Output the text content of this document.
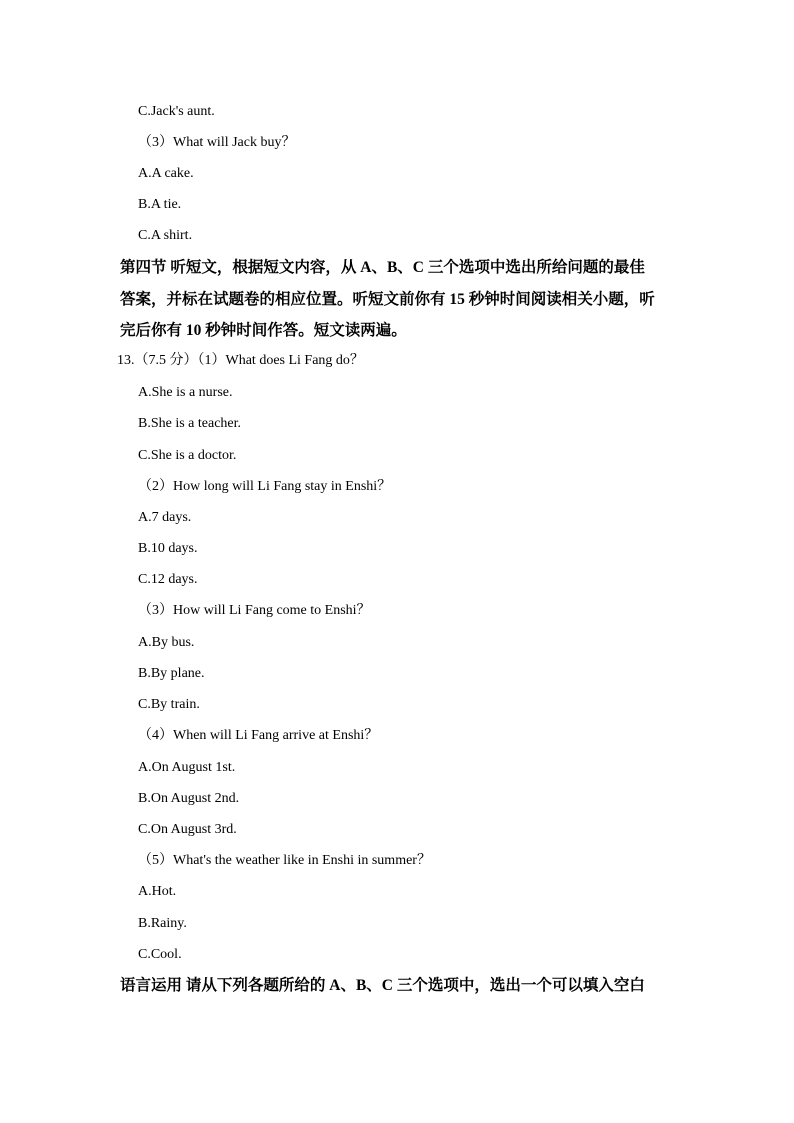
C.Jack's aunt.
（3）What will Jack buy？
A.A cake.
B.A tie.
C.A shirt.
第四节 听短文，根据短文内容，从 A、B、C 三个选项中选出所给问题的最佳
答案，并标在试题卷的相应位置。听短文前你有 15 秒钟时间阅读相关小题，听
完后你有 10 秒钟时间作答。短文读两遍。
13.（7.5 分）（1）What does Li Fang do？
A.She is a nurse.
B.She is a teacher.
C.She is a doctor.
（2）How long will Li Fang stay in Enshi？
A.7 days.
B.10 days.
C.12 days.
（3）How will Li Fang come to Enshi？
A.By bus.
B.By plane.
C.By train.
（4）When will Li Fang arrive at Enshi？
A.On August 1st.
B.On August 2nd.
C.On August 3rd.
（5）What's the weather like in Enshi in summer？
A.Hot.
B.Rainy.
C.Cool.
语言运用 请从下列各题所给的 A、B、C 三个选项中，选出一个可以填入空白
